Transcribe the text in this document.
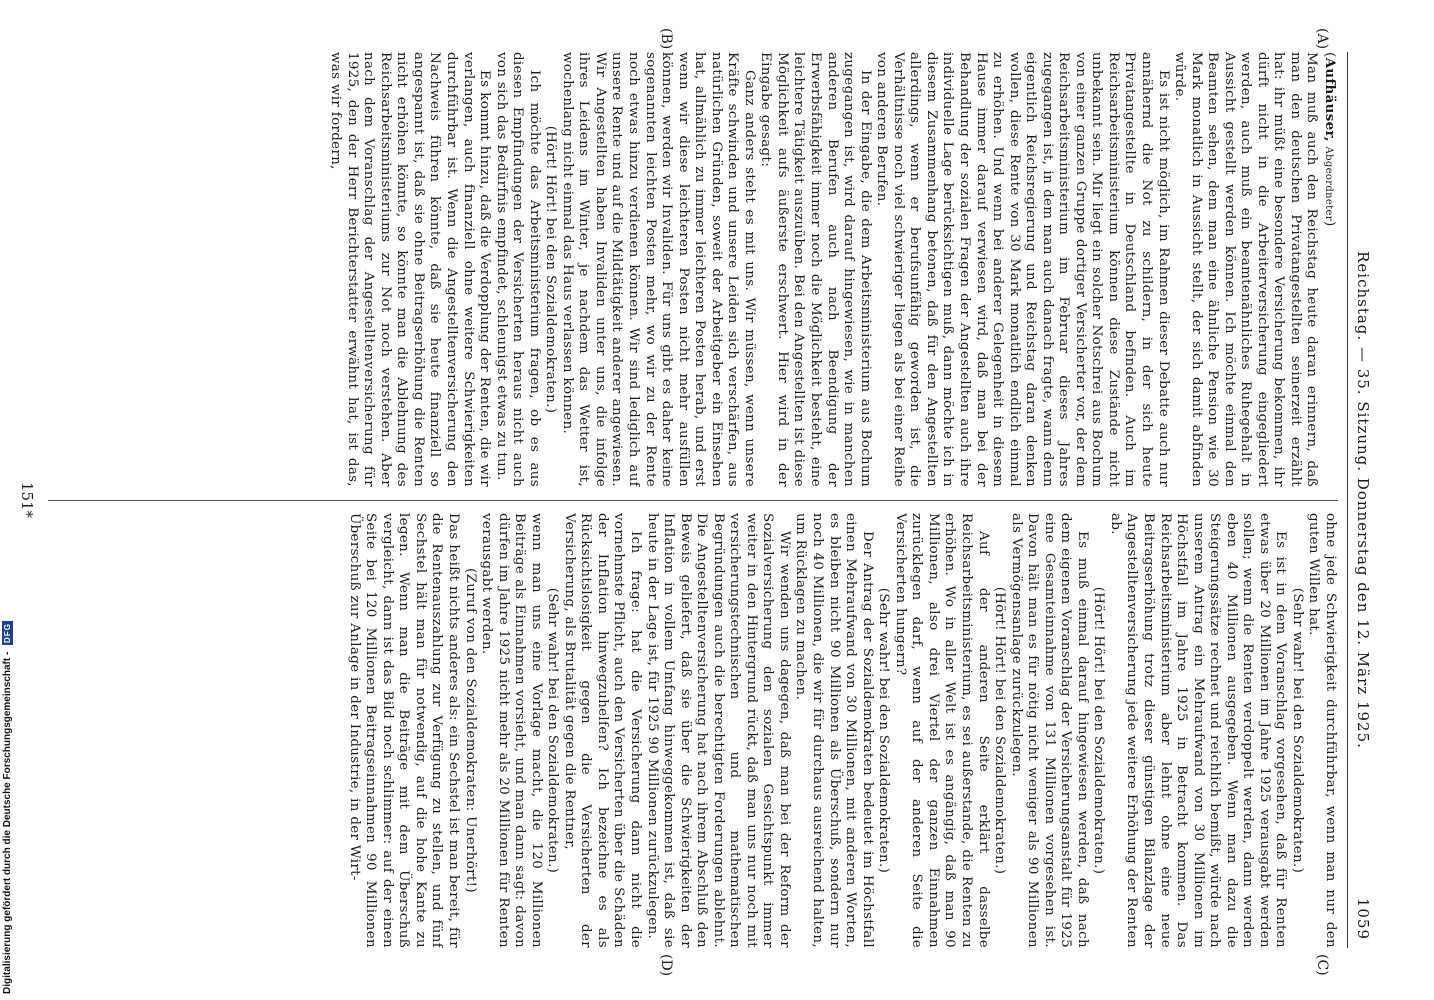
Reichstag. — 35. Sitzung. Donnerstag den 12. März 1925.
1059
(A)
(B)
(C)
(D)

(Aufhäuser, Abgeordneter)

Man muß auch den Reichstag heute daran erinnern, daß man den deutschen Privatangestellten seinerzeit erzählt hat: ihr müßt eine besondere Versicherung bekommen, ihr dürft nicht in die Arbeiterversicherung eingegliedert werden, auch muß ein beamtenähnliches Ruhegehalt in Aussicht gestellt werden können. Ich möchte einmal den Beamten sehen, dem man eine ähnliche Pension wie 30 Mark monatlich in Aussicht stellt, der sich damit abfinden würde.

Es ist nicht möglich, im Rahmen dieser Debatte auch nur annähernd die Not zu schildern, in der sich heute Privatangestellte in Deutschland befinden. Auch im Reichsarbeitsministerium können diese Zustände nicht unbekannt sein. Mir liegt ein solcher Notschrei aus Bochum von einer ganzen Gruppe dortiger Versicherter vor, der dem Reichsarbeitsministerium im Februar dieses Jahres zugegangen ist, in dem man auch danach fragte, wann denn eigentlich Reichsregierung und Reichstag daran denken wollen, diese Rente von 30 Mark monatlich endlich einmal zu erhöhen. Und wenn bei anderer Gelegenheit in diesem Hause immer darauf verwiesen wird, daß man bei der Behandlung der sozialen Fragen der Angestellten auch ihre individuelle Lage berücksichtigen muß, dann möchte ich in diesem Zusammenhang betonen, daß für den Angestellten allerdings, wenn er berufsunfähig geworden ist, die Verhältnisse noch viel schwieriger liegen als bei einer Reihe von anderen Berufen.

In der Eingabe, die dem Arbeitsministerium aus Bochum zugegangen ist, wird darauf hingewiesen, wie in manchen anderen Berufen auch nach Beendigung der Erwerbsfähigkeit immer noch die Möglichkeit besteht, eine leichtere Tätigkeit auszuüben. Bei den Angestellten ist diese Möglichkeit aufs äußerste erschwert. Hier wird in der Eingabe gesagt:

Ganz anders steht es mit uns. Wir müssen, wenn unsere Kräfte schwinden und unsere Leiden sich verschärfen, aus natürlichen Gründen, soweit der Arbeitgeber ein Einsehen hat, allmählich zu immer leichteren Posten herab, und erst wenn wir diese leichteren Posten nicht mehr ausfüllen können, werden wir Invaliden. Für uns gibt es daher keine sogenannten leichten Posten mehr, wo wir zu der Rente noch etwas hinzu verdienen können. Wir sind lediglich auf unsere Rente und auf die Mildtätigkeit anderer angewiesen. Wir Angestellten haben Invaliden unter uns, die infolge ihres Leidens im Winter, je nachdem das Wetter ist, wochenlang nicht einmal das Haus verlassen können.

(Hört! Hört! bei den Sozialdemokraten.)

Ich möchte das Arbeitsministerium fragen, ob es aus diesen Empfindungen der Versicherten heraus nicht auch von sich das Bedürfnis empfindet, schleunigst etwas zu tun.

Es kommt hinzu, daß die Verdopplung der Renten, die wir verlangen, auch finanziell ohne weitere Schwierigkeiten durchführbar ist. Wenn die Angestelltenversicherung den Nachweis führen könnte, daß sie heute finanziell so angespannt ist, daß sie ohne Beitragserhöhung die Renten nicht erhöhen könnte, so könnte man die Ablehnung des Reichsarbeitsministeriums zur Not noch verstehen. Aber nach dem Voranschlag der Angestelltenversicherung für 1925, den der Herr Berichterstatter erwähnt hat, ist das, was wir fordern,

ohne jede Schwierigkeit durchführbar, wenn man nur den guten Willen hat.

(Sehr wahr! bei den Sozialdemokraten.)

Es ist in dem Voranschlag vorgesehen, daß für Renten etwas über 20 Millionen im Jahre 1925 verausgabt werden sollen; wenn die Renten verdoppelt werden, dann werden eben 40 Millionen ausgegeben. Wenn man dazu die Steigerungssätze rechnet und reichlich bemißt, würde nach unserem Antrag ein Mehraufwand von 30 Millionen im Höchstfall im Jahre 1925 in Betracht kommen. Das Reichsarbeitsministerium aber lehnt ohne eine neue Beitragserhöhung trotz dieser günstigen Bilanzlage der Angestelltenversicherung jede weitere Erhöhung der Renten ab.

(Hört! Hört! bei den Sozialdemokraten.)

Es muß einmal darauf hingewiesen werden, daß nach dem eigenen Voranschlag der Versicherungsanstalt für 1925 eine Gesamteinnahme von 131 Millionen vorgesehen ist. Davon hält man es für nötig nicht weniger als 90 Millionen als Vermögensanlage zurückzulegen.

(Hört! Hört! bei den Sozialdemokraten.)

Auf der anderen Seite erklärt dasselbe Reichsarbeitsministerium, es sei außerstande, die Renten zu erhöhen. Wo in aller Welt ist es angängig, daß man 90 Millionen, also drei Viertel der ganzen Einnahmen zurücklegen darf, wenn auf der anderen Seite die Versicherten hungern?

(Sehr wahr! bei den Sozialdemokraten.)

Der Antrag der Sozialdemokraten bedeutet im Höchstfall einen Mehraufwand von 30 Millionen, mit anderen Worten, es bleiben nicht 90 Millionen als Überschuß, sondern nur noch 40 Millionen, die wir für durchaus ausreichend halten, um Rücklagen zu machen.

Wir wenden uns dagegen, daß man bei der Reform der Sozialversicherung den sozialen Gesichtspunkt immer weiter in den Hintergrund rückt, daß man uns nur noch mit versicherungstechnischen und mathematischen Begründungen auch die berechtigten Forderungen ablehnt. Die Angestelltenversicherung hat nach ihrem Abschluß den Beweis geliefert, daß sie über die Schwierigkeiten der Inflation in vollem Umfang hinweggekommen ist, daß sie heute in der Lage ist, für 1925 90 Millionen zurückzulegen.

Ich frage: hat die Versicherung dann nicht die vornehmste Pflicht, auch den Versicherten über die Schäden der Inflation hinwegzuhelfen? Ich bezeichne es als Rücksichtslosigkeit gegen die Versicherten der Versicherung, als Brutalität gegen die Rentner,

(Sehr wahr! bei den Sozialdemokraten.)

wenn man uns eine Vorlage macht, die 120 Millionen Beiträge als Einnahmen vorsieht, und man dann sagt: davon dürfen im Jahre 1925 nicht mehr als 20 Millionen für Renten verausgabt werden.

(Zuruf von den Sozialdemokraten: Unerhört!)

Das heißt nichts anderes als: ein Sechstel ist man bereit, für die Rentenauszahlung zur Verfügung zu stellen, und fünf Sechstel hält man für notwendig, auf die hohe Kante zu legen. Wenn man die Beiträge mit dem Überschuß vergleicht, dann ist das Bild noch schlimmer: auf der einen Seite bei 120 Millionen Beitragseinnahmen 90 Millionen Überschuß zur Anlage in der Industrie, in der Wirt-

151*
Digitalisierung gefördert durch die Deutsche Forschungsgemeinschaft - DFG
